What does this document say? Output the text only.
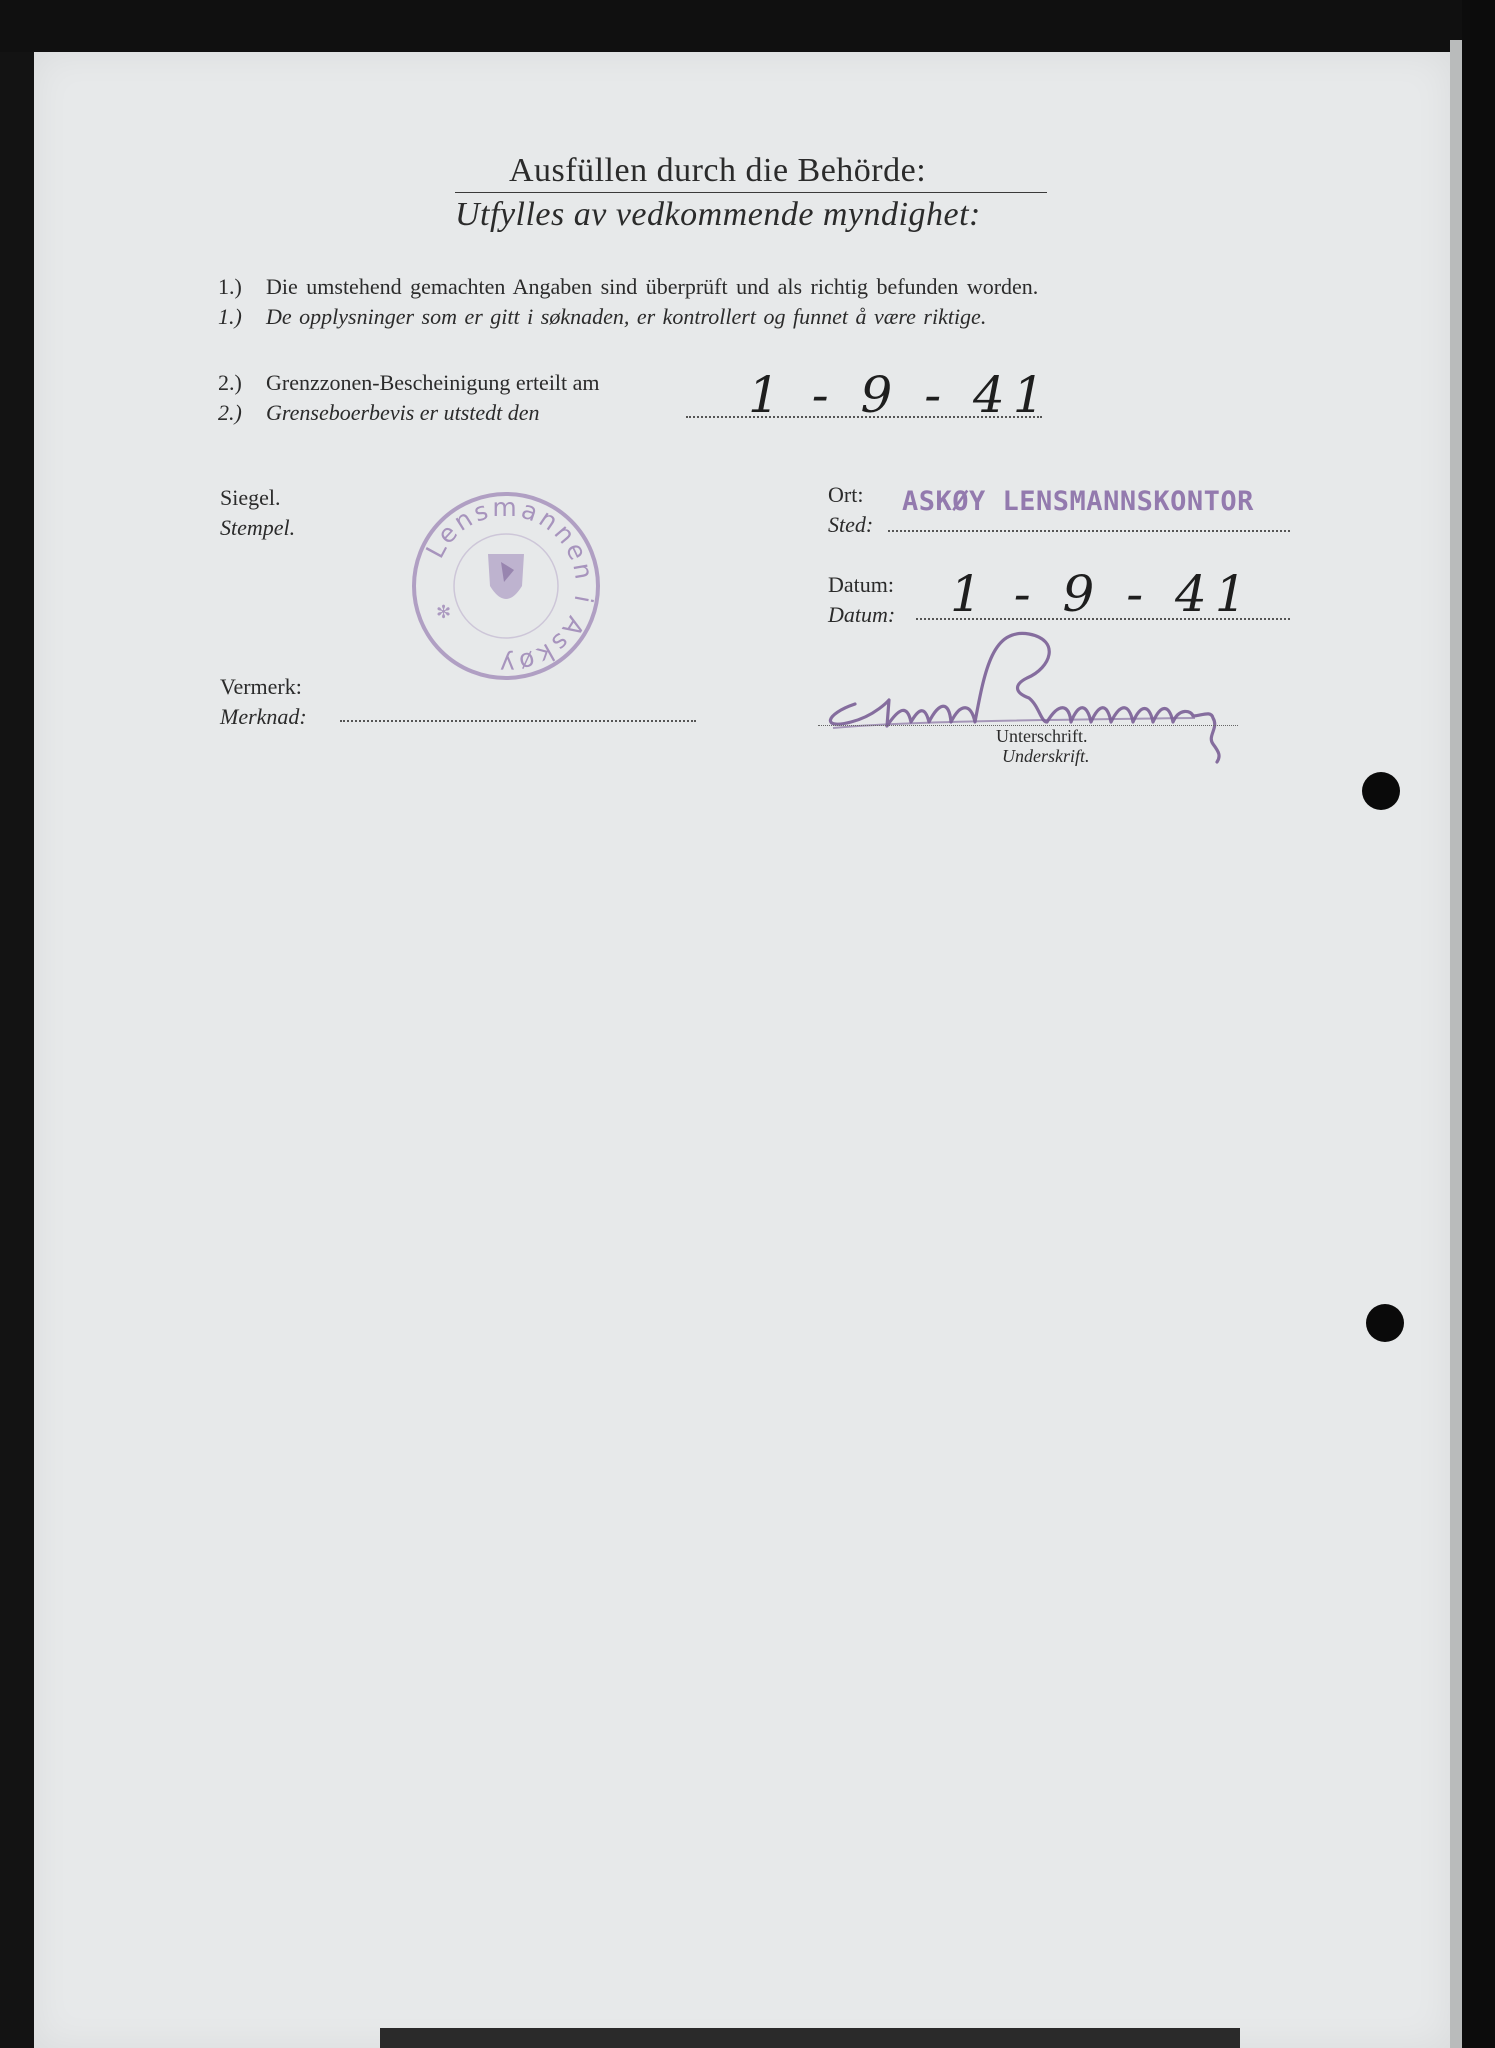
Ausfüllen durch die Behörde:
Utfylles av vedkommende myndighet:
1.) Die umstehend gemachten Angaben sind überprüft und als richtig befunden worden.
1.) De opplysninger som er gitt i søknaden, er kontrollert og funnet å være riktige.
2.) Grenzzonen-Bescheinigung erteilt am
2.) Grenseboerbevis er utstedt den	1 - 9 - 41
Siegel.
Stempel.
Lensmannen i Askøy
✻
Ort:
Sted:
ASKØY LENSMANNSKONTOR
Datum:
Datum: 1 - 9 - 41
Vermerk:
Merknad:
Unterschrift.
Underskrift.
